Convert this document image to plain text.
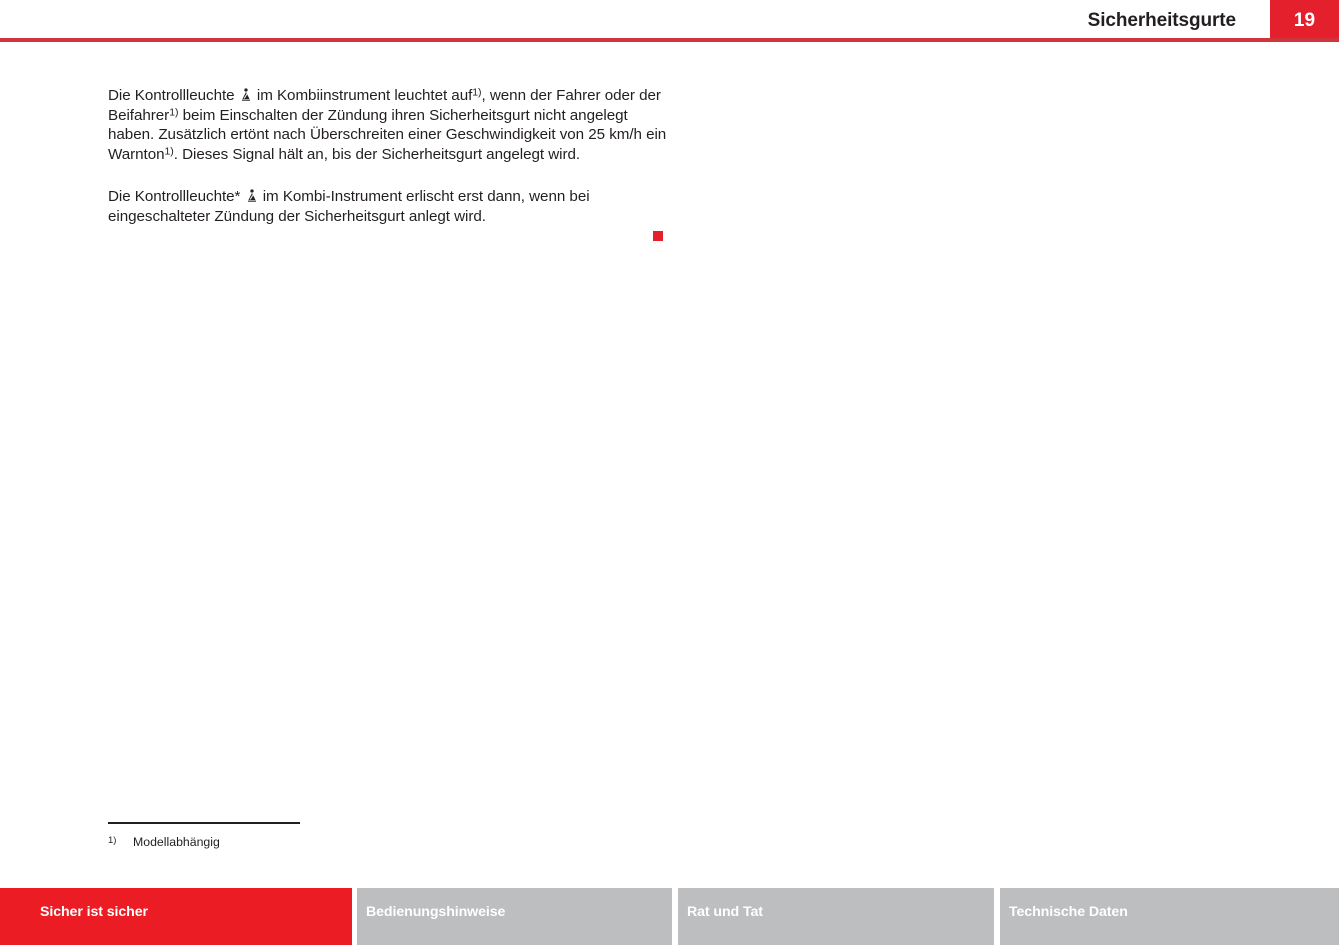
Sicherheitsgurte	19

Die Kontrollleuchte
im Kombiinstrument leuchtet auf$^{1)}$, wenn der Fahrer oder der Beifahrer$^{1)}$ beim Einschalten der Zündung ihren Sicherheitsgurt nicht angelegt haben. Zusätzlich ertönt nach Überschreiten einer Geschwindigkeit von 25 km/h ein Warnton$^{1)}$. Dieses Signal hält an, bis der Sicherheitsgurt angelegt wird.

Die Kontrollleuchte*
im Kombi-Instrument erlischt erst dann, wenn bei eingeschalteter Zündung der Sicherheitsgurt anlegt wird.

1) Modellabhängig
Sicher ist sicher	Bedienungshinweise	Rat und Tat	Technische Daten
